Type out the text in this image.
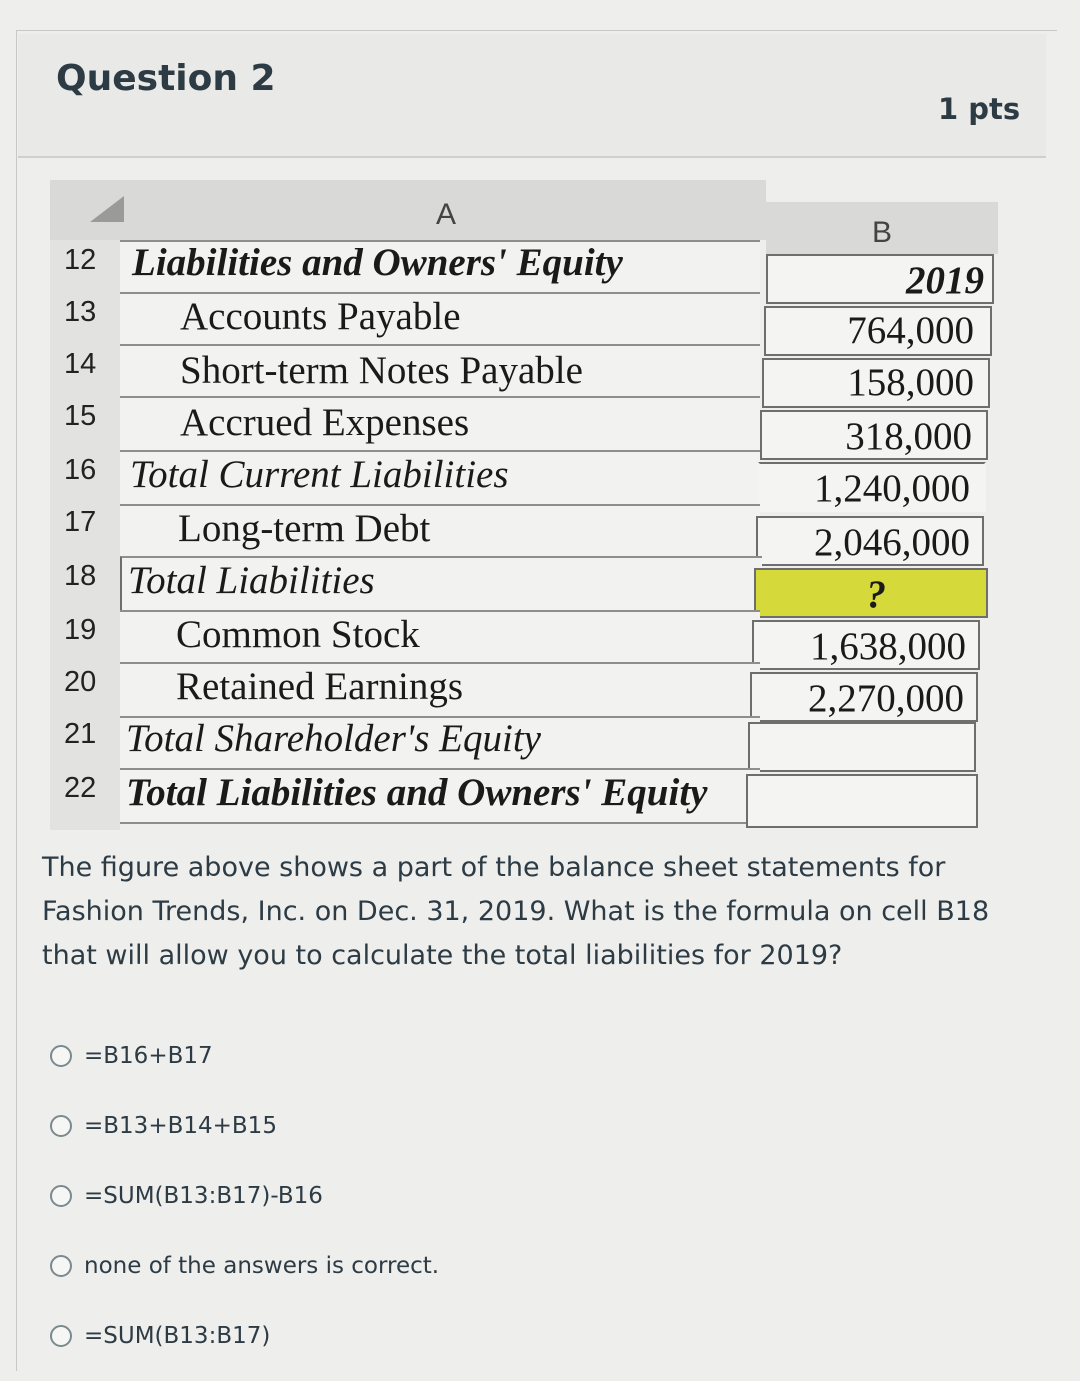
Question 2
1 pts
A
B
12 Liabilities and Owners' Equity	2019
13	Accounts Payable	764,000
14	Short-term Notes Payable	158,000
15	Accrued Expenses	318,000
16 Total Current Liabilities	1,240,000
17	Long-term Debt	2,046,000
18 Total Liabilities	?
19	Common Stock	1,638,000
20	Retained Earnings	2,270,000
21 Total Shareholder's Equity
22 Total Liabilities and Owners' Equity
The figure above shows a part of the balance sheet statements for Fashion Trends, Inc. on Dec. 31, 2019. What is the formula on cell B18 that will allow you to calculate the total liabilities for 2019?
=B16+B17
=B13+B14+B15
=SUM(B13:B17)-B16
none of the answers is correct.
=SUM(B13:B17)
